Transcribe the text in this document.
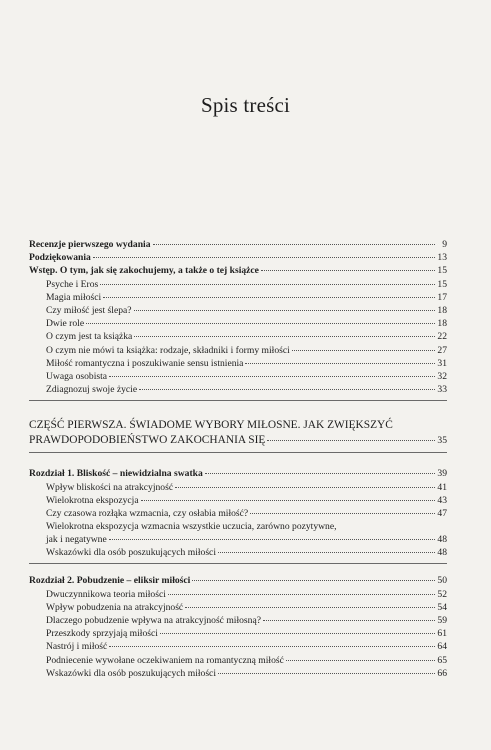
Spis treści
Recenzje pierwszego wydania	9
Podziękowania	13
Wstęp. O tym, jak się zakochujemy, a także o tej książce	15
Psyche i Eros	15
Magia miłości	17
Czy miłość jest ślepa?	18
Dwie role	18
O czym jest ta książka	22
O czym nie mówi ta książka: rodzaje, składniki i formy miłości	27
Miłość romantyczna i poszukiwanie sensu istnienia	31
Uwaga osobista	32
Zdiagnozuj swoje życie	33
CZĘŚĆ PIERWSZA. ŚWIADOME WYBORY MIŁOSNE. JAK ZWIĘKSZYĆ
PRAWDOPODOBIEŃSTWO ZAKOCHANIA SIĘ	35
Rozdział 1. Bliskość – niewidzialna swatka	39
Wpływ bliskości na atrakcyjność	41
Wielokrotna ekspozycja	43
Czy czasowa rozłąka wzmacnia, czy osłabia miłość?	47
Wielokrotna ekspozycja wzmacnia wszystkie uczucia, zarówno pozytywne,
jak i negatywne	48
Wskazówki dla osób poszukujących miłości	48
Rozdział 2. Pobudzenie – eliksir miłości	50
Dwuczynnikowa teoria miłości	52
Wpływ pobudzenia na atrakcyjność	54
Dlaczego pobudzenie wpływa na atrakcyjność miłosną?	59
Przeszkody sprzyjają miłości	61
Nastrój i miłość	64
Podniecenie wywołane oczekiwaniem na romantyczną miłość	65
Wskazówki dla osób poszukujących miłości	66
